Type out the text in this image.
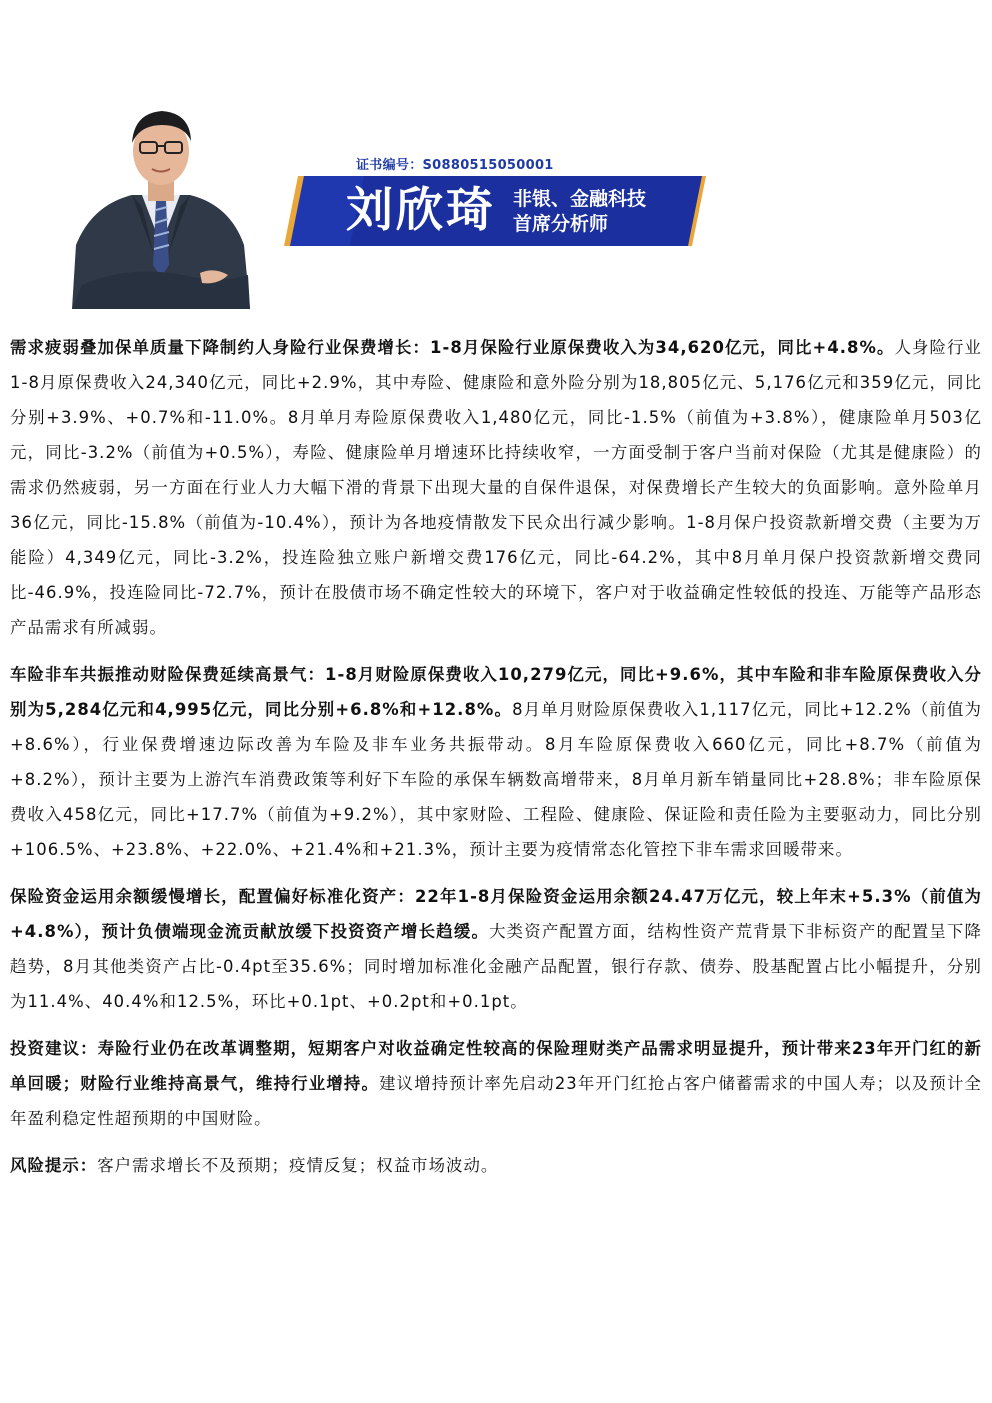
证书编号：S0880515050001
刘欣琦 非银、金融科技
首席分析师

需求疲弱叠加保单质量下降制约人身险行业保费增长：1-8月保险行业原保费收入为34,620亿元，同比+4.8%。人身险行业1-8月原保费收入24,340亿元，同比+2.9%，其中寿险、健康险和意外险分别为18,805亿元、5,176亿元和359亿元，同比分别+3.9%、+0.7%和-11.0%。8月单月寿险原保费收入1,480亿元，同比-1.5%（前值为+3.8%），健康险单月503亿元，同比-3.2%（前值为+0.5%），寿险、健康险单月增速环比持续收窄，一方面受制于客户当前对保险（尤其是健康险）的需求仍然疲弱，另一方面在行业人力大幅下滑的背景下出现大量的自保件退保，对保费增长产生较大的负面影响。意外险单月36亿元，同比-15.8%（前值为-10.4%），预计为各地疫情散发下民众出行减少影响。1-8月保户投资款新增交费（主要为万能险）4,349亿元，同比-3.2%，投连险独立账户新增交费176亿元，同比-64.2%，其中8月单月保户投资款新增交费同比-46.9%，投连险同比-72.7%，预计在股债市场不确定性较大的环境下，客户对于收益确定性较低的投连、万能等产品形态产品需求有所减弱。

车险非车共振推动财险保费延续高景气：1-8月财险原保费收入10,279亿元，同比+9.6%，其中车险和非车险原保费收入分别为5,284亿元和4,995亿元，同比分别+6.8%和+12.8%。8月单月财险原保费收入1,117亿元，同比+12.2%（前值为+8.6%），行业保费增速边际改善为车险及非车业务共振带动。8月车险原保费收入660亿元，同比+8.7%（前值为+8.2%），预计主要为上游汽车消费政策等利好下车险的承保车辆数高增带来，8月单月新车销量同比+28.8%；非车险原保费收入458亿元，同比+17.7%（前值为+9.2%），其中家财险、工程险、健康险、保证险和责任险为主要驱动力，同比分别+106.5%、+23.8%、+22.0%、+21.4%和+21.3%，预计主要为疫情常态化管控下非车需求回暖带来。

保险资金运用余额缓慢增长，配置偏好标准化资产：22年1-8月保险资金运用余额24.47万亿元，较上年末+5.3%（前值为+4.8%），预计负债端现金流贡献放缓下投资资产增长趋缓。大类资产配置方面，结构性资产荒背景下非标资产的配置呈下降趋势，8月其他类资产占比-0.4pt至35.6%；同时增加标准化金融产品配置，银行存款、债券、股基配置占比小幅提升，分别为11.4%、40.4%和12.5%，环比+0.1pt、+0.2pt和+0.1pt。

投资建议：寿险行业仍在改革调整期，短期客户对收益确定性较高的保险理财类产品需求明显提升，预计带来23年开门红的新单回暖；财险行业维持高景气，维持行业增持。建议增持预计率先启动23年开门红抢占客户储蓄需求的中国人寿；以及预计全年盈利稳定性超预期的中国财险。

风险提示：客户需求增长不及预期；疫情反复；权益市场波动。
